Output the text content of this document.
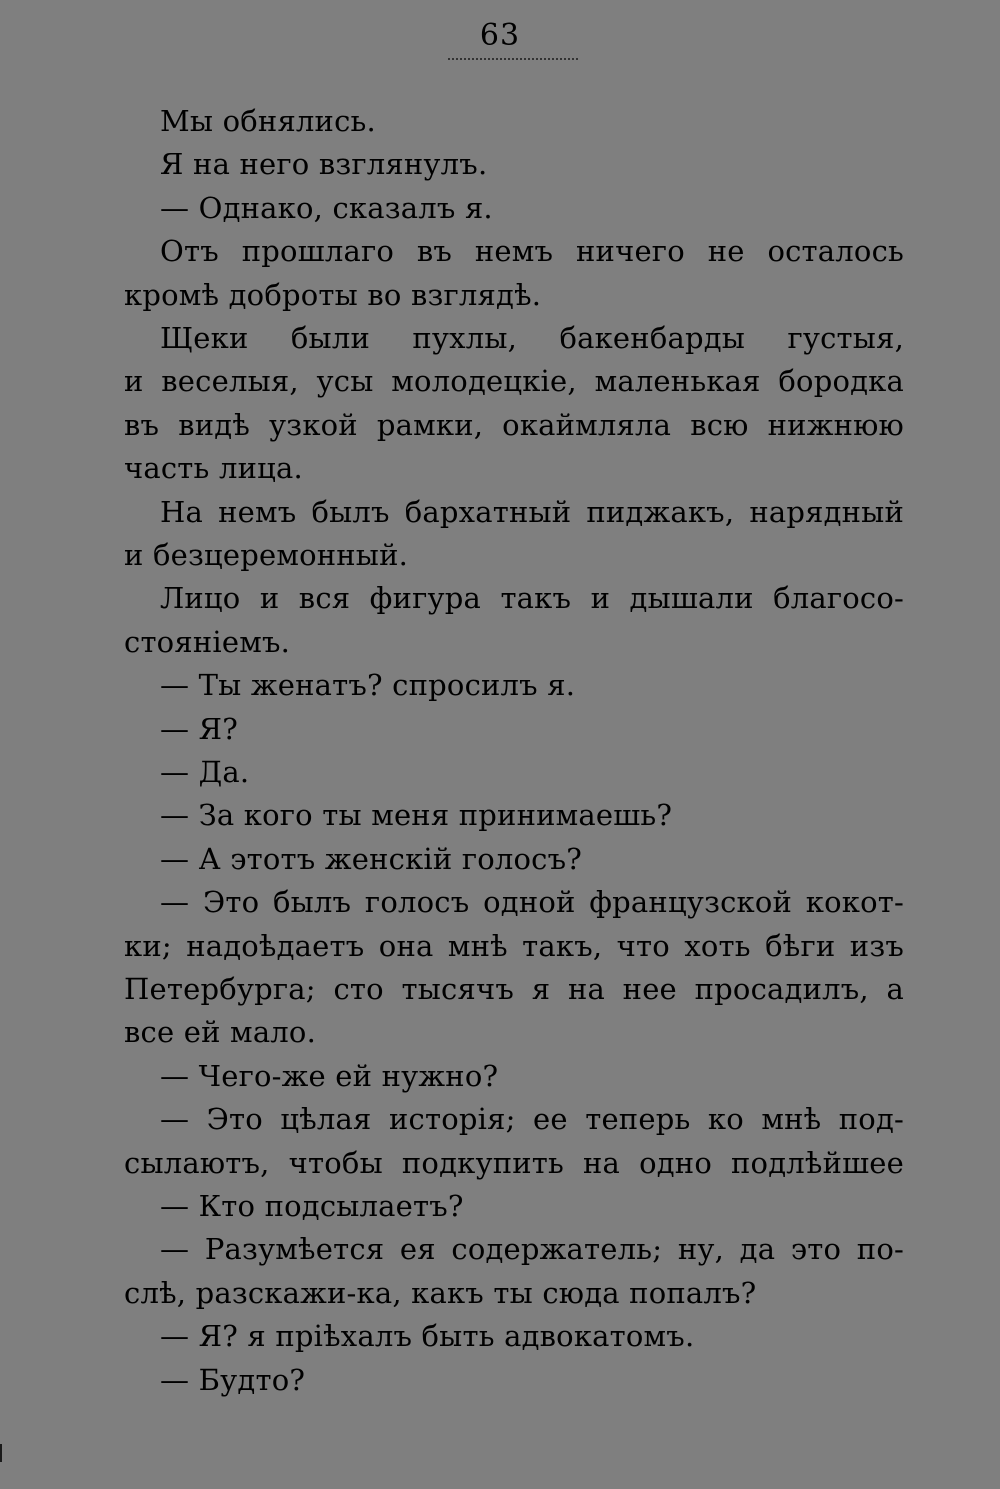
63
Мы обнялись.
Я на него взглянулъ.
— Однако, сказалъ я.
Отъ прошлаго въ немъ ничего не осталось
кромѣ доброты во взглядѣ.
Щеки были пухлы, бакенбарды густыя,
и веселыя, усы молодецкіе, маленькая бородка
въ видѣ узкой рамки, окаймляла всю нижнюю
часть лица.
На немъ былъ бархатный пиджакъ, нарядный
и безцеремонный.
Лицо и вся фигура такъ и дышали благосо-
стояніемъ.
— Ты женатъ? спросилъ я.
— Я?
— Да.
— За кого ты меня принимаешь?
— А этотъ женскій голосъ?
— Это былъ голосъ одной французской кокот-
ки; надоѣдаетъ она мнѣ такъ, что хоть бѣги изъ
Петербурга; сто тысячъ я на нее просадилъ, а
все ей мало.
— Чего-же ей нужно?
— Это цѣлая исторія; ее теперь ко мнѣ под-
сылаютъ, чтобы подкупить на одно подлѣйшее
— Кто подсылаетъ?
— Разумѣется ея содержатель; ну, да это по-
слѣ, разскажи-ка, какъ ты сюда попалъ?
— Я? я пріѣхалъ быть адвокатомъ.
— Будто?
